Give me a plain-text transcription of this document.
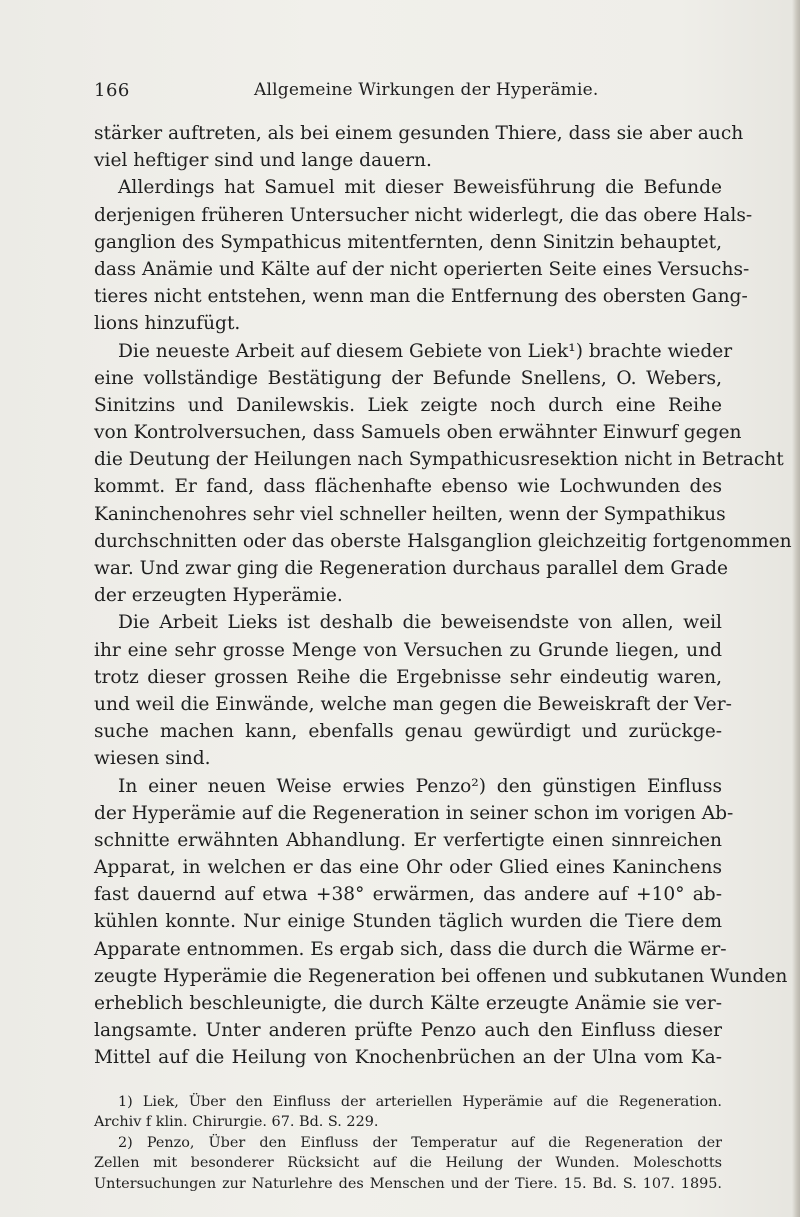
166	Allgemeine Wirkungen der Hyperämie.
stärker auftreten, als bei einem gesunden Thiere, dass sie aber auch
viel heftiger sind und lange dauern.
Allerdings hat Samuel mit dieser Beweisführung die Befunde
derjenigen früheren Untersucher nicht widerlegt, die das obere Hals-
ganglion des Sympathicus mitentfernten, denn Sinitzin behauptet,
dass Anämie und Kälte auf der nicht operierten Seite eines Versuchs-
tieres nicht entstehen, wenn man die Entfernung des obersten Gang-
lions hinzufügt.
Die neueste Arbeit auf diesem Gebiete von Liek¹) brachte wieder
eine vollständige Bestätigung der Befunde Snellens, O. Webers,
Sinitzins und Danilewskis. Liek zeigte noch durch eine Reihe
von Kontrolversuchen, dass Samuels oben erwähnter Einwurf gegen
die Deutung der Heilungen nach Sympathicusresektion nicht in Betracht
kommt. Er fand, dass flächenhafte ebenso wie Lochwunden des
Kaninchenohres sehr viel schneller heilten, wenn der Sympathikus
durchschnitten oder das oberste Halsganglion gleichzeitig fortgenommen
war. Und zwar ging die Regeneration durchaus parallel dem Grade
der erzeugten Hyperämie.
Die Arbeit Lieks ist deshalb die beweisendste von allen, weil
ihr eine sehr grosse Menge von Versuchen zu Grunde liegen, und
trotz dieser grossen Reihe die Ergebnisse sehr eindeutig waren,
und weil die Einwände, welche man gegen die Beweiskraft der Ver-
suche machen kann, ebenfalls genau gewürdigt und zurückge-
wiesen sind.
In einer neuen Weise erwies Penzo²) den günstigen Einfluss
der Hyperämie auf die Regeneration in seiner schon im vorigen Ab-
schnitte erwähnten Abhandlung. Er verfertigte einen sinnreichen
Apparat, in welchen er das eine Ohr oder Glied eines Kaninchens
fast dauernd auf etwa +38° erwärmen, das andere auf +10° ab-
kühlen konnte. Nur einige Stunden täglich wurden die Tiere dem
Apparate entnommen. Es ergab sich, dass die durch die Wärme er-
zeugte Hyperämie die Regeneration bei offenen und subkutanen Wunden
erheblich beschleunigte, die durch Kälte erzeugte Anämie sie ver-
langsamte. Unter anderen prüfte Penzo auch den Einfluss dieser
Mittel auf die Heilung von Knochenbrüchen an der Ulna vom Ka-
1) Liek, Über den Einfluss der arteriellen Hyperämie auf die Regeneration.
Archiv f klin. Chirurgie. 67. Bd. S. 229.
2) Penzo, Über den Einfluss der Temperatur auf die Regeneration der
Zellen mit besonderer Rücksicht auf die Heilung der Wunden. Moleschotts
Untersuchungen zur Naturlehre des Menschen und der Tiere. 15. Bd. S. 107. 1895.
